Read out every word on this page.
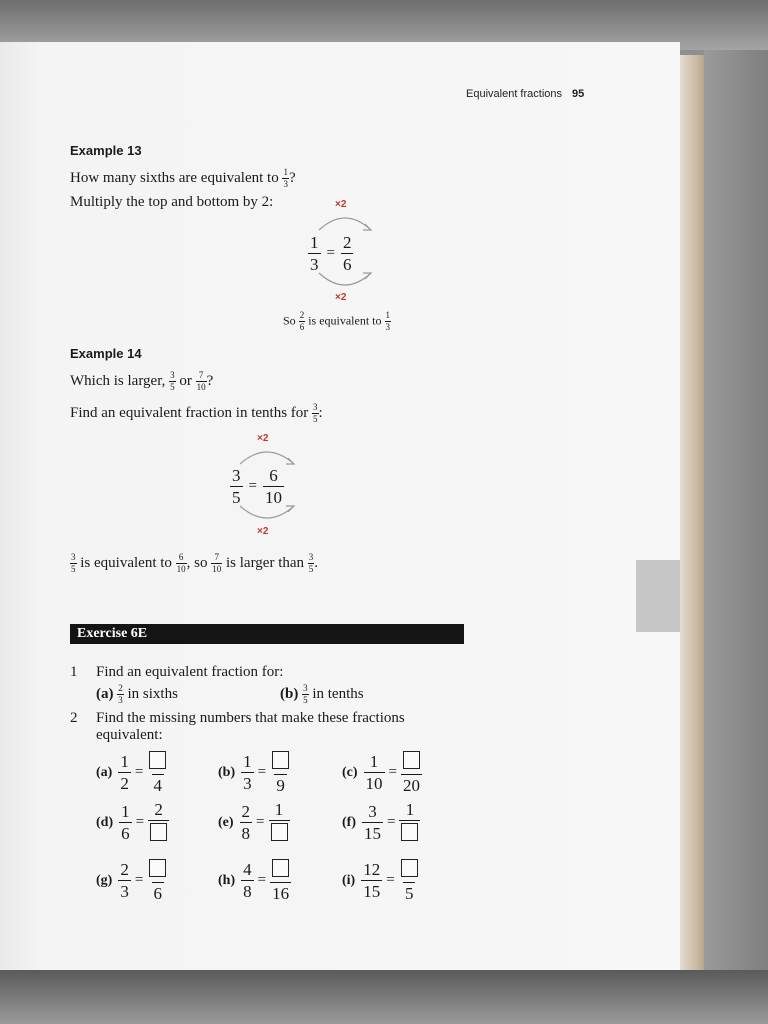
Equivalent fractions 95
Example 13
How many sixths are equivalent to $\frac{1}{3}$ ?
Multiply the top and bottom by 2:	×2
$\frac{1}{3} = \frac{2}{6}$
×2
So $\frac{2}{6}$ is equivalent to $\frac{1}{3}$
Example 14
Which is larger, $\frac{3}{5}$ or $\frac{7}{10}$ ?
Find an equivalent fraction in tenths for $\frac{3}{5}$ :
×2
$\frac{3}{5} = \frac{6}{10}$
×2
$\frac{3}{5}$ is equivalent to $\frac{6}{10}$ , so $\frac{7}{10}$ is larger than $\frac{3}{5}$ .
Exercise 6E
1 Find an equivalent fraction for:
$(a) \frac{2}{3}$ in sixths	$(b) \frac{3}{5}$ in tenths
2 Find the missing numbers that make these fractions
equivalent:
$(a) \frac{1}{2}$ =
4
$(b) \frac{1}{3}$ =
9
$(c) \frac{1}{10}$ =
20
$(d) \frac{1}{6}$ =
2
$(e) \frac{2}{8}$ =
1
$(f) \frac{3}{15}$ =
1
$(g) \frac{2}{3}$ =
6
$(h) \frac{4}{8}$ =
16
$(i) \frac{12}{15}$ =
5
